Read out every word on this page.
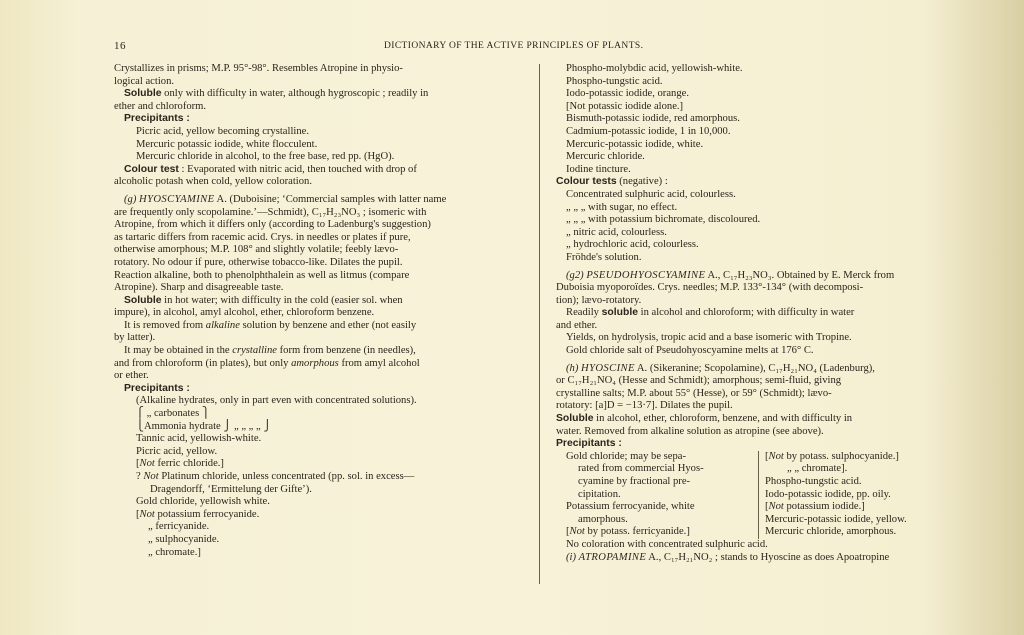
16	DICTIONARY OF THE ACTIVE PRINCIPLES OF PLANTS.

Crystallizes in prisms; M.P. 95°-98°. Resembles Atropine in physio-

logical action.

Soluble only with difficulty in water, although hygroscopic ; readily in

ether and chloroform.

Precipitants :

Picric acid, yellow becoming crystalline.

Mercuric potassic iodide, white flocculent.

Mercuric chloride in alcohol, to the free base, red pp. (HgO).

Colour test : Evaporated with nitric acid, then touched with drop of

alcoholic potash when cold, yellow coloration.

(g) HYOSCYAMINE A. (Duboisine; ‘Commercial samples with latter name

are frequently only scopolamine.’—Schmidt), C₁₇H₂₃NO₃ ; isomeric with

Atropine, from which it differs only (according to Ladenburg's suggestion)

as tartaric differs from racemic acid. Crys. in needles or plates if pure,

otherwise amorphous; M.P. 108° and slightly volatile; feebly lævo-

rotatory. No odour if pure, otherwise tobacco-like. Dilates the pupil.

Reaction alkaline, both to phenolphthalein as well as litmus (compare

Atropine). Sharp and disagreeable taste.

Soluble in hot water; with difficulty in the cold (easier sol. when

impure), in alcohol, amyl alcohol, ether, chloroform benzene.

It is removed from alkaline solution by benzene and ether (not easily

by latter).

It may be obtained in the crystalline form from benzene (in needles),

and from chloroform (in plates), but only amorphous from amyl alcohol

or ether.

Precipitants :

(Alkaline hydrates, only in part even with concentrated solutions).

⎧ „ carbonates ⎫

⎩Ammonia hydrate ⎭ „ „ „ „ ⎭

Tannic acid, yellowish-white.

Picric acid, yellow.

[Not ferric chloride.]

? Not Platinum chloride, unless concentrated (pp. sol. in excess—

Dragendorff, ‘Ermittelung der Gifte’).

Gold chloride, yellowish white.

[Not potassium ferrocyanide.

„ ferricyanide.

„ sulphocyanide.

„ chromate.]

Phospho-molybdic acid, yellowish-white.

Phospho-tungstic acid.

Iodo-potassic iodide, orange.

[Not potassic iodide alone.]

Bismuth-potassic iodide, red amorphous.

Cadmium-potassic iodide, 1 in 10,000.

Mercuric-potassic iodide, white.

Mercuric chloride.

Iodine tincture.

Colour tests (negative) :

Concentrated sulphuric acid, colourless.

„ „ „ with sugar, no effect.

„ „ „ with potassium bichromate, discoloured.

„ nitric acid, colourless.

„ hydrochloric acid, colourless.

Fröhde's solution.

(g2) PSEUDOHYOSCYAMINE A., C₁₇H₂₃NO₃. Obtained by E. Merck from

Duboisia myoporoïdes. Crys. needles; M.P. 133°-134° (with decomposi-

tion); lævo-rotatory.

Readily soluble in alcohol and chloroform; with difficulty in water

and ether.

Yields, on hydrolysis, tropic acid and a base isomeric with Tropine.

Gold chloride salt of Pseudohyoscyamine melts at 176° C.

(h) HYOSCINE A. (Sikeranine; Scopolamine), C₁₇H₂₁NO₄ (Ladenburg),

or C₁₇H₂₁NO₄ (Hesse and Schmidt); amorphous; semi-fluid, giving

crystalline salts; M.P. about 55° (Hesse), or 59° (Schmidt); lævo-

rotatory: [a]D = −13·7]. Dilates the pupil.

Soluble in alcohol, ether, chloroform, benzene, and with difficulty in

water. Removed from alkaline solution as atropine (see above).

Precipitants :

Gold chloride; may be sepa-

rated from commercial Hyos-

cyamine by fractional pre-

cipitation.

Potassium ferrocyanide, white

amorphous.

[Not by potass. ferricyanide.]

[Not by potass. sulphocyanide.]

„ „ chromate].

Phospho-tungstic acid.

Iodo-potassic iodide, pp. oily.

[Not potassium iodide.]

Mercuric-potassic iodide, yellow.

Mercuric chloride, amorphous.

No coloration with concentrated sulphuric acid.

(i) ATROPAMINE A., C₁₇H₂₁NO₂ ; stands to Hyoscine as does Apoatropine
